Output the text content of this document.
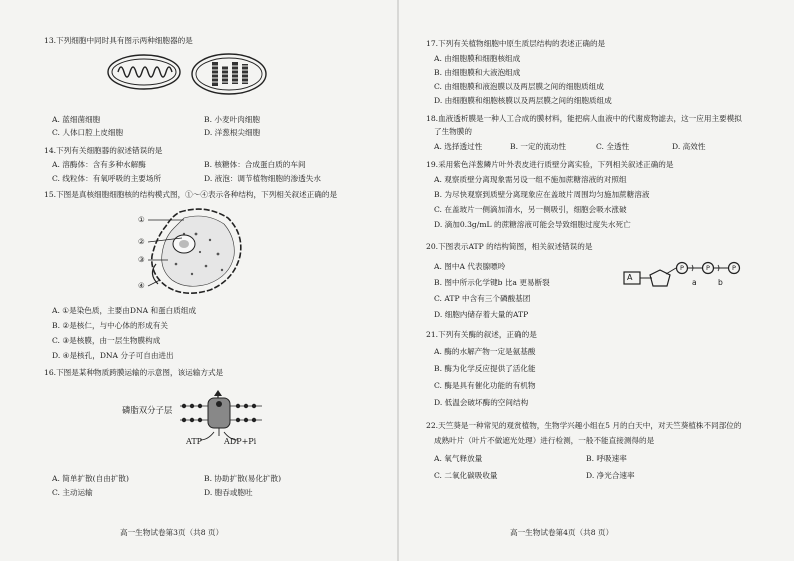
13.下列细胞中同时具有图示两种细胞器的是
A. 蓝细菌细胞	B. 小麦叶肉细胞
C. 人体口腔上皮细胞	D. 洋葱根尖细胞
14.下列有关细胞器的叙述错误的是
A. 溶酶体：含有多种水解酶	B. 核糖体：合成蛋白质的车间
C. 线粒体：有氧呼吸的主要场所	D. 液泡：调节植物细胞的渗透失水
15.下图是真核细胞细胞核的结构模式图，①～④表示各种结构，下列相关叙述正确的是
①
②
③
④
A. ①是染色质，主要由DNA 和蛋白质组成
B. ②是核仁，与中心体的形成有关
C. ③是核膜，由一层生物膜构成
D. ④是核孔，DNA 分子可自由进出
16.下图是某种物质跨膜运输的示意图，该运输方式是
磷脂双分子层
ATP	ADP+Pi
A. 简单扩散(自由扩散)	B. 协助扩散(易化扩散)
C. 主动运输	D. 胞吞或胞吐
高一生物试卷第3页（共8 页）
17.下列有关植物细胞中原生质层结构的表述正确的是
A. 由细胞膜和细胞核组成
B. 由细胞膜和大液泡组成
C. 由细胞膜和液泡膜以及两层膜之间的细胞质组成
D. 由细胞膜和细胞核膜以及两层膜之间的细胞质组成
18.血液透析膜是一种人工合成的膜材料，能把病人血液中的代谢废物滤去，这一应用主要模拟
了生物膜的
A. 选择透过性	B. 一定的流动性	C. 全透性	D. 高效性
19.采用紫色洋葱鳞片叶外表皮进行质壁分离实验，下列相关叙述正确的是
A. 观察质壁分离现象需另设一组不施加蔗糖溶液的对照组
B. 为尽快观察到质壁分离现象应在盖玻片周围均匀施加蔗糖溶液
C. 在盖玻片一侧滴加清水，另一侧吸引，细胞会吸水涨破
D. 滴加0.3g/mL 的蔗糖溶液可能会导致细胞过度失水死亡
20.下图表示ATP 的结构简图，相关叙述错误的是
A. 图中A 代表腺嘌呤
B. 图中所示化学键b 比a 更易断裂
C. ATP 中含有三个磷酸基团
D. 细胞内储存着大量的ATP
A
P	P	P
a	b
21.下列有关酶的叙述，正确的是
A. 酶的水解产物一定是氨基酸
B. 酶为化学反应提供了活化能
C. 酶是具有催化功能的有机物
D. 低温会破坏酶的空间结构
22.天竺葵是一种常见的观赏植物，生物学兴趣小组在5 月的白天中，对天竺葵植株不同部位的
成熟叶片（叶片不做遮光处理）进行检测，一般不能直接测得的是
A. 氧气释放量	B. 呼吸速率
C. 二氧化碳吸收量	D. 净光合速率
高一生物试卷第4页（共8 页）
